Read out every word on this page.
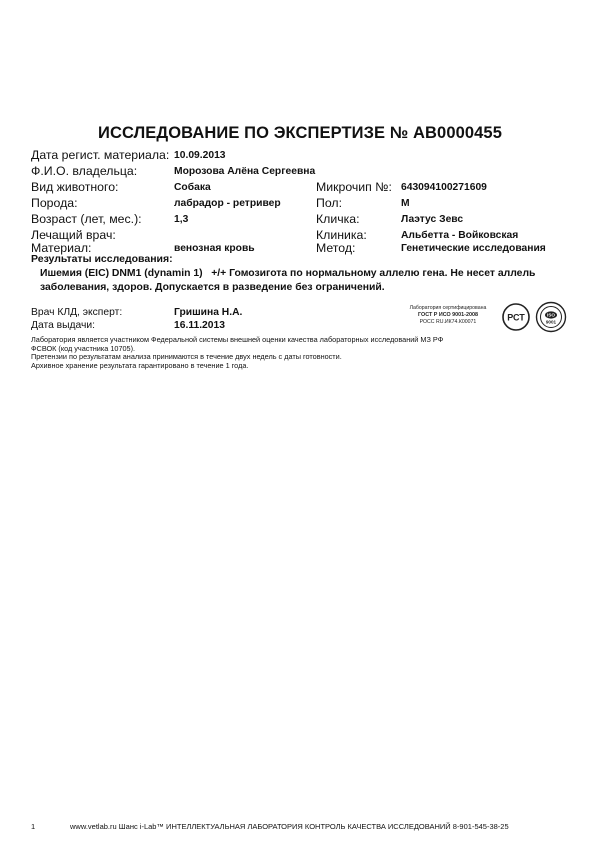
ИССЛЕДОВАНИЕ ПО ЭКСПЕРТИЗЕ № AB0000455
Дата регист. материала: 10.09.2013
Ф.И.О. владельца:	Морозова Алёна Сергеевна
Вид животного:	Собака	Микрочип №: 643094100271609
Порода:	лабрадор - ретривер	Пол:	М
Возраст (лет, мес.):	1,3	Кличка:	Лаэтус Зевс
Лечащий врач:	Клиника:	Альбетта - Войковская
Материал:	венозная кровь	Метод:	Генетические исследования
Результаты исследования:
Ишемия (EIC) DNM1 (dynamin 1)   +/+ Гомозигота по нормальному аллелю гена. Не несет аллель
заболевания, здоров. Допускается в разведение без ограничений.
Врач КЛД, эксперт:	Гришина Н.А.
Дата выдачи:	16.11.2013
Лаборатория сертифицирована
ГОСТ Р ИСО 9001-2008
РОСС RU.ИК74.К00071	РСТ	ISO
9001
Лаборатория является участником Федеральной системы внешней оценки качества лабораторных исследований МЗ РФ
ФСВОК (код участника 10705).
Претензии по результатам анализа принимаются в течение двух недель с даты готовности.
Архивное хранение результата гарантировано в течение 1 года.
1	www.vetlab.ru Шанс i-Lab™ ИНТЕЛЛЕКТУАЛЬНАЯ ЛАБОРАТОРИЯ КОНТРОЛЬ КАЧЕСТВА ИССЛЕДОВАНИЙ 8-901-545-38-25
